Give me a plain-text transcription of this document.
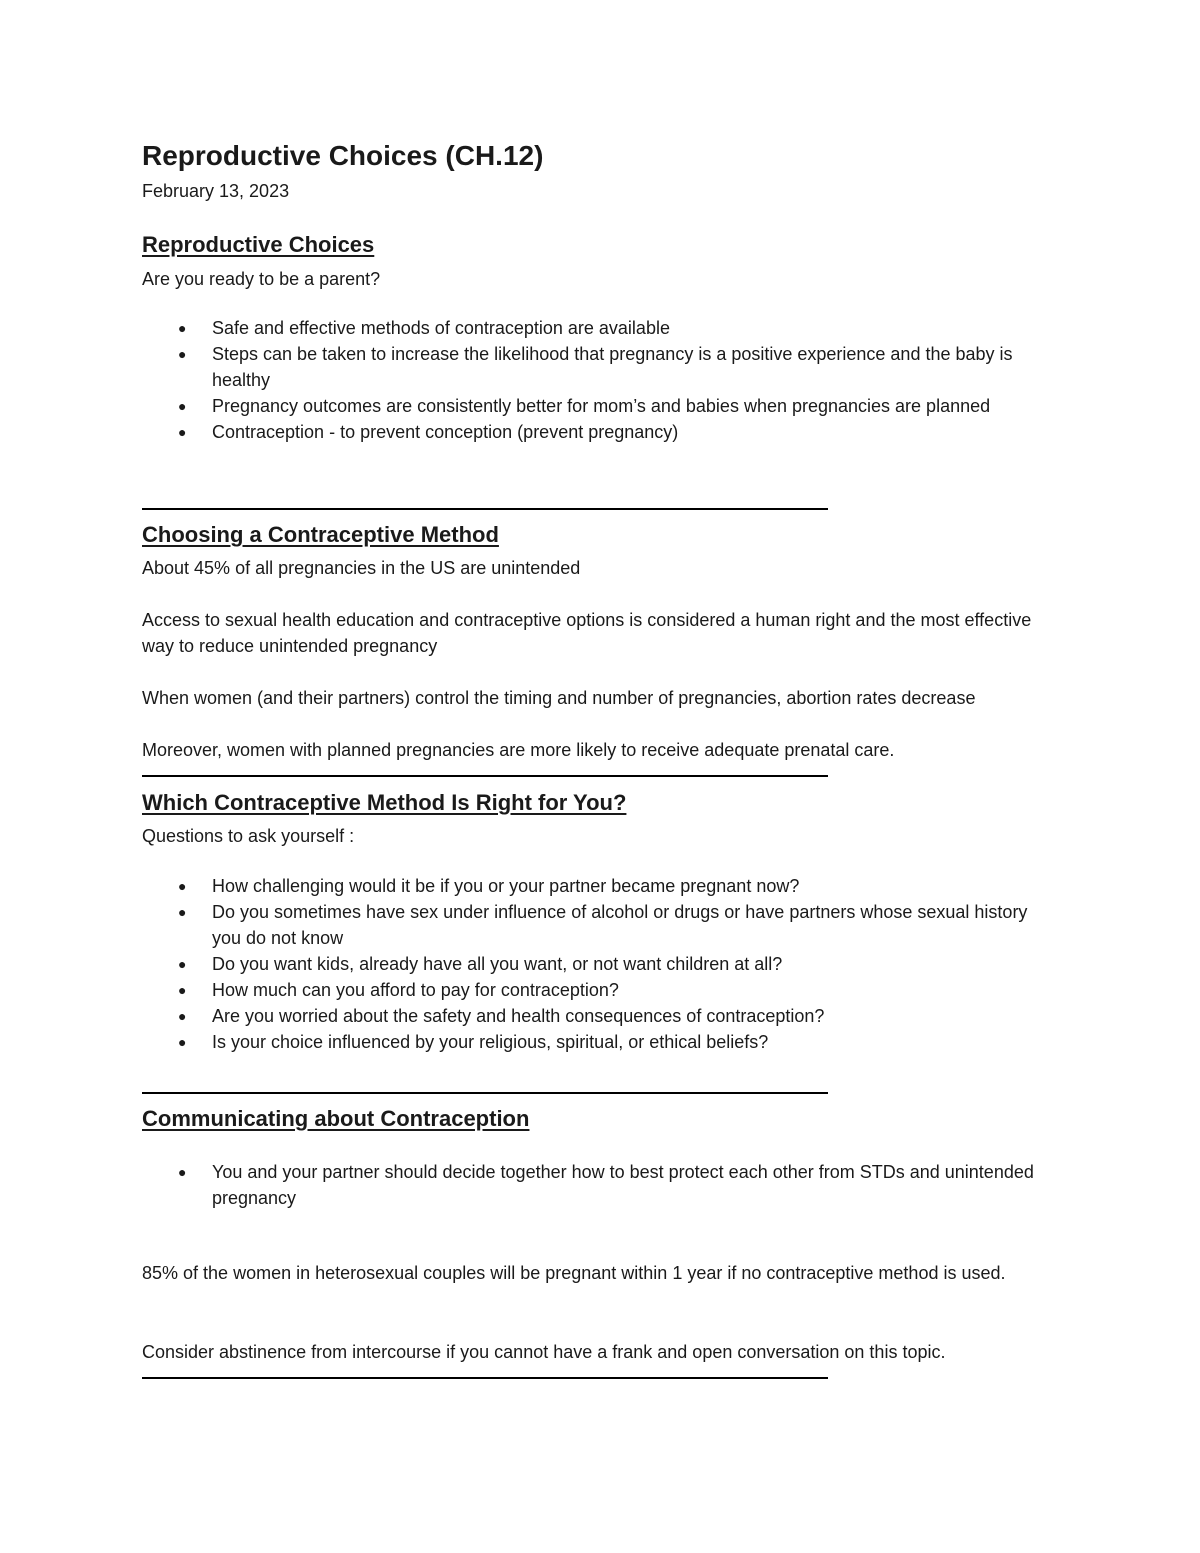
Reproductive Choices (CH.12)
February 13, 2023
Reproductive Choices
Are you ready to be a parent?
● Safe and effective methods of contraception are available
● Steps can be taken to increase the likelihood that pregnancy is a positive experience and the baby is healthy
● Pregnancy outcomes are consistently better for mom’s and babies when pregnancies are planned
● Contraception - to prevent conception (prevent pregnancy)
Choosing a Contraceptive Method
About 45% of all pregnancies in the US are unintended
Access to sexual health education and contraceptive options is considered a human right and the most effective way to reduce unintended pregnancy
When women (and their partners) control the timing and number of pregnancies, abortion rates decrease
Moreover, women with planned pregnancies are more likely to receive adequate prenatal care.
Which Contraceptive Method Is Right for You?
Questions to ask yourself :
● How challenging would it be if you or your partner became pregnant now?
● Do you sometimes have sex under influence of alcohol or drugs or have partners whose sexual history you do not know
● Do you want kids, already have all you want, or not want children at all?
● How much can you afford to pay for contraception?
● Are you worried about the safety and health consequences of contraception?
● Is your choice influenced by your religious, spiritual, or ethical beliefs?
Communicating about Contraception
● You and your partner should decide together how to best protect each other from STDs and unintended pregnancy
85% of the women in heterosexual couples will be pregnant within 1 year if no contraceptive method is used.
Consider abstinence from intercourse if you cannot have a frank and open conversation on this topic.
